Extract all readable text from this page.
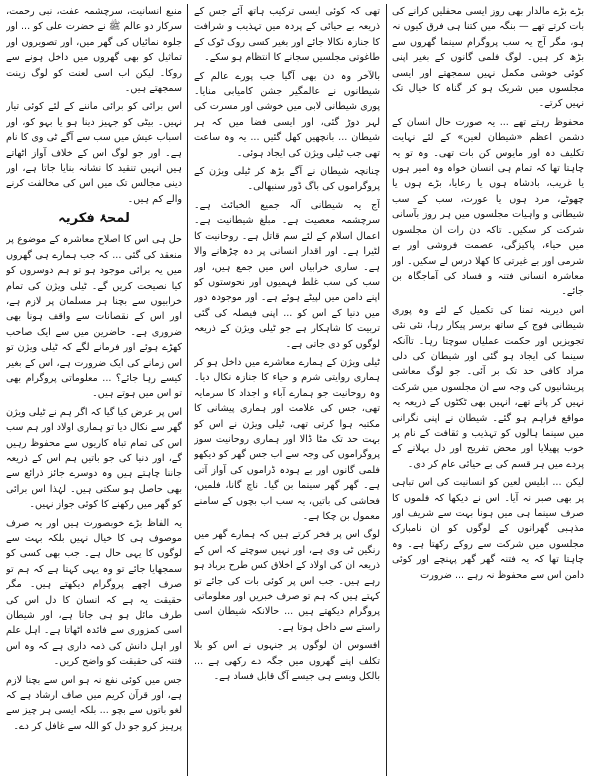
بڑے بڑے مالدار بھی روز ایسی محفلیں کرانے کی بات کرتے تھے — بنگہ میں کتنا ہی فرق کیوں نہ ہو، مگر آج یہ سب پروگرام سینما گھروں سے بڑھ کر ہیں۔ لوگ فلمی گانوں کے بغیر اپنی کوئی خوشی مکمل نہیں سمجھتے اور ایسی مجلسوں میں شریک ہو کر گناہ کا خیال تک نہیں کرتے۔

محفوظ رہتے تھے ... یہ صورت حال انسان کے دشمن اعظم «شیطان لعین» کے لئے نہایت تکلیف دہ اور مایوس کن بات تھی۔ وہ تو یہ چاہتا تھا کہ تمام ہی انسان خواہ وہ امیر ہوں یا غریب، بادشاہ ہوں یا رعایا، بڑے ہوں یا چھوٹے، مرد ہوں یا عورت، سب کے سب شیطانی و واہیات مجلسوں میں ہر روز بآسانی شرکت کر سکیں۔ تاکہ دن رات ان مجلسوں میں حیاء، پاکیزگی، عصمت فروشی اور بے شرمی اور بے غیرتی کا کھلا درس لے سکیں۔ اور معاشرہ انسانی فتنہ و فساد کی آماجگاہ بن جائے۔

اس دیرینہ تمنا کی تکمیل کے لئے وہ پوری شیطانی فوج کے ساتھ برسر پیکار رہا، نئی نئی تجویزیں اور حکمت عملیاں سوچتا رہا۔ تاآنکہ سینما کی ایجاد ہو گئی اور شیطان کی دلی مراد کافی حد تک بر آئی۔ جو لوگ معاشی پریشانیوں کی وجہ سے ان مجلسوں میں شرکت نہیں کر پاتے تھے، انہیں بھی ٹکٹوں کے ذریعہ یہ مواقع فراہم ہو گئے۔ شیطان نے اپنی نگرانی میں سینما ہالوں کو تہذیب و ثقافت کے نام پر خوب پھیلایا اور محض تفریح اور دل بہلانے کے پردے میں ہر قسم کی بے حیائی عام کر دی۔

لیکن ... ابلیس لعین کو انسانیت کی اس تباہی پر بھی صبر نہ آیا۔ اس نے دیکھا کہ فلموں کا صرف سینما ہی میں ہونا بہت سے شریف اور مذہبی گھرانوں کے لوگوں کو ان نامبارک مجلسوں میں شرکت سے روکے رکھتا ہے۔ وہ چاہتا تھا کہ یہ فتنہ گھر گھر پہنچے اور کوئی دامن اس سے محفوظ نہ رہے ... ضرورت

تھی کہ کوئی ایسی ترکیب ہاتھ آئے جس کے ذریعہ بے حیائی کے پردہ میں تہذیب و شرافت کا جنازہ نکالا جائے اور بغیر کسی روک ٹوک کے طاغوتی مجلسیں سجانے کا انتظام ہو سکے۔

بالآخر وہ دن بھی آگیا جب پورے عالم کے شیطانوں نے عالمگیر جشن کامیابی منایا۔ پوری شیطانی لابی میں خوشی اور مسرت کی لہر دوڑ گئی، اور ایسی فضا میں کہ ہر شیطان ... بانچھیں کھل گئیں ... یہ وہ ساعت تھی جب ٹیلی ویژن کی ایجاد ہوئی۔

چنانچہ شیطان نے آگے بڑھ کر ٹیلی ویژن کے پروگراموں کی باگ ڈور سنبھالی۔

آج یہ شیطانی آلہ جمیع الخبائث ہے۔ سرچشمہ معصیت ہے۔ مبلغ شیطانیت ہے۔ اعمال اسلام کے لئے سم قاتل ہے۔ روحانیت کا لٹیرا ہے۔ اور اقدار انسانی پر دہ چڑھانے والا ہے۔ ساری خرابیاں اس میں جمع ہیں، اور سب کی سب غلط فہمیوں اور نحوستوں کو اپنے دامن میں لپیٹے ہوئے ہے۔ اور موجودہ دور میں دنیا کے اس کو ... اپنی فیصلہ کی گئی تربیت کا شاہکار ہے جو ٹیلی ویژن کے ذریعہ لوگوں کو دی جاتی ہے۔

ٹیلی ویژن کے ہمارے معاشرے میں داخل ہو کر ہماری روایتی شرم و حیاء کا جنازہ نکال دیا۔ وہ روحانیت جو ہمارے آباء و اجداد کا سرمایہ تھی، جس کی علامت اور ہماری پیشانی کا مکتبہ ہوا کرتی تھی، ٹیلی ویژن نے اس کو بہت حد تک مٹا ڈالا اور ہماری روحانیت سوز پروگراموں کی وجہ سے اب جس گھر کو دیکھو فلمی گانوں اور بے ہودہ ڈراموں کی آواز آتی ہے۔ گھر گھر سینما بن گیا۔ ناچ گانا، فلمیں، فحاشی کی باتیں، یہ سب اب بچوں کے سامنے معمول بن چکا ہے۔

لوگ اس پر فخر کرتے ہیں کہ ہمارے گھر میں رنگین ٹی وی ہے، اور نہیں سوچتے کہ اس کے ذریعہ ان کی اولاد کے اخلاق کس طرح برباد ہو رہے ہیں۔ جب اس پر کوئی بات کی جائے تو کہتے ہیں کہ ہم تو صرف خبریں اور معلوماتی پروگرام دیکھتے ہیں ... حالانکہ شیطان اسی راستے سے داخل ہوتا ہے۔

افسوس ان لوگوں پر جنہوں نے اس کو بلا تکلف اپنے گھروں میں جگہ دے رکھی ہے ... بالکل ویسے ہی جیسے آگ قابل فساد ہے۔

منبع انسانیت، سرچشمہ عفت، نبی رحمت، سرکار دو عالم ﷺ نے حضرت علی کو ... اور جلوہ نمائیاں کی گھر میں، اور تصویروں اور تماثیل کو بھی گھروں میں داخل ہونے سے روکا۔ لیکن اب اسی لعنت کو لوگ زینت سمجھتے ہیں۔

اس برائی کو برائی ماننے کے لئے کوئی تیار نہیں۔ بیٹی کو جہیز دینا ہو یا بہو کو، اور اسباب عیش میں سب سے آگے ٹی وی کا نام ہے۔ اور جو لوگ اس کے خلاف آواز اٹھاتے ہیں انہیں تنقید کا نشانہ بنایا جاتا ہے، اور دینی مجالس تک میں اس کی مخالفت کرنے والے کم ہیں۔

لمحۂ فکریہ

حل ہی اس کا اصلاح معاشرہ کے موضوع پر منعقد کی گئی ... کہ جب ہمارے ہی گھروں میں یہ برائی موجود ہو تو ہم دوسروں کو کیا نصیحت کریں گے۔ ٹیلی ویژن کی تمام خرابیوں سے بچنا ہر مسلمان پر لازم ہے، اور اس کے نقصانات سے واقف ہونا بھی ضروری ہے۔ حاضرین میں سے ایک صاحب کھڑے ہوئے اور فرمانے لگے کہ ٹیلی ویژن تو اس زمانے کی ایک ضرورت ہے، اس کے بغیر کیسے رہا جائے؟ ... معلوماتی پروگرام بھی تو اس میں ہوتے ہیں۔

اس پر عرض کیا گیا کہ اگر ہم نے ٹیلی ویژن گھر سے نکال دیا تو ہماری اولاد اور ہم سب اس کی تمام تباہ کاریوں سے محفوظ رہیں گے، اور دنیا کی جو باتیں ہم اس کے ذریعہ جاننا چاہتے ہیں وہ دوسرے جائز ذرائع سے بھی حاصل ہو سکتی ہیں۔ لہٰذا اس برائی کو گھر میں رکھنے کا کوئی جواز نہیں۔

یہ الفاظ بڑے خوبصورت ہیں اور یہ صرف موصوف ہی کا خیال نہیں بلکہ بہت سے لوگوں کا یہی حال ہے۔ جب بھی کسی کو سمجھایا جائے تو وہ یہی کہتا ہے کہ ہم تو صرف اچھے پروگرام دیکھتے ہیں۔ مگر حقیقت یہ ہے کہ انسان کا دل اس کی طرف مائل ہو ہی جاتا ہے، اور شیطان اسی کمزوری سے فائدہ اٹھاتا ہے۔ اہل علم اور اہل دانش کی ذمہ داری ہے کہ وہ اس فتنہ کی حقیقت کو واضح کریں۔

جس میں کوئی نفع نہ ہو اس سے بچنا لازم ہے، اور قرآن کریم میں صاف ارشاد ہے کہ لغو باتوں سے بچو ... بلکہ ایسی ہر چیز سے پرہیز کرو جو دل کو اللہ سے غافل کر دے۔
